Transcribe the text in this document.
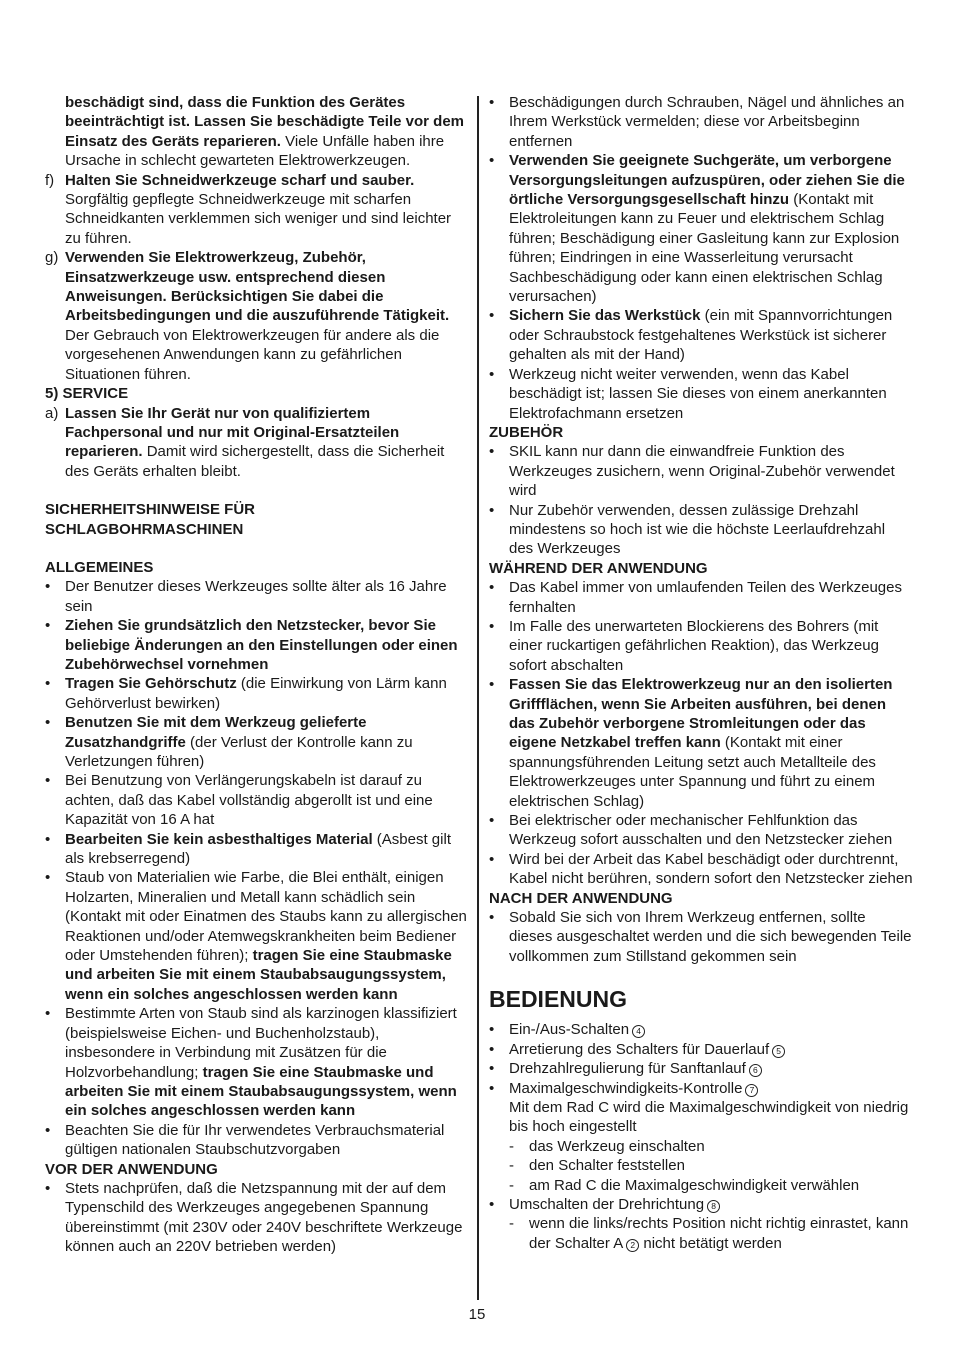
beschädigt sind, dass die Funktion des Gerätes beeinträchtigt ist. Lassen Sie beschädigte Teile vor dem Einsatz des Geräts reparieren. Viele Unfälle haben ihre Ursache in schlecht gewarteten Elektrowerkzeugen.

f) Halten Sie Schneidwerkzeuge scharf und sauber. Sorgfältig gepflegte Schneidwerkzeuge mit scharfen Schneidkanten verklemmen sich weniger und sind leichter zu führen.
g) Verwenden Sie Elektrowerkzeug, Zubehör, Einsatzwerkzeuge usw. entsprechend diesen Anweisungen. Berücksichtigen Sie dabei die Arbeitsbedingungen und die auszuführende Tätigkeit. Der Gebrauch von Elektrowerkzeugen für andere als die vorgesehenen Anwendungen kann zu gefährlichen Situationen führen.
5) SERVICE
a) Lassen Sie Ihr Gerät nur von qualifiziertem Fachpersonal und nur mit Original-Ersatzteilen reparieren. Damit wird sichergestellt, dass die Sicherheit des Geräts erhalten bleibt.
SICHERHEITSHINWEISE FÜR SCHLAGBOHRMASCHINEN
ALLGEMEINES
• Der Benutzer dieses Werkzeuges sollte älter als 16 Jahre sein
• Ziehen Sie grundsätzlich den Netzstecker, bevor Sie beliebige Änderungen an den Einstellungen oder einen Zubehörwechsel vornehmen
• Tragen Sie Gehörschutz (die Einwirkung von Lärm kann Gehörverlust bewirken)
• Benutzen Sie mit dem Werkzeug gelieferte Zusatzhandgriffe (der Verlust der Kontrolle kann zu Verletzungen führen)
• Bei Benutzung von Verlängerungskabeln ist darauf zu achten, daß das Kabel vollständig abgerollt ist und eine Kapazität von 16 A hat
• Bearbeiten Sie kein asbesthaltiges Material (Asbest gilt als krebserregend)
• Staub von Materialien wie Farbe, die Blei enthält, einigen Holzarten, Mineralien und Metall kann schädlich sein (Kontakt mit oder Einatmen des Staubs kann zu allergischen Reaktionen und/oder Atemwegskrankheiten beim Bediener oder Umstehenden führen); tragen Sie eine Staubmaske und arbeiten Sie mit einem Staubabsaugungssystem, wenn ein solches angeschlossen werden kann
• Bestimmte Arten von Staub sind als karzinogen klassifiziert (beispielsweise Eichen- und Buchenholzstaub), insbesondere in Verbindung mit Zusätzen für die Holzvorbehandlung; tragen Sie eine Staubmaske und arbeiten Sie mit einem Staubabsaugungssystem, wenn ein solches angeschlossen werden kann
• Beachten Sie die für Ihr verwendetes Verbrauchsmaterial gültigen nationalen Staubschutzvorgaben
VOR DER ANWENDUNG
• Stets nachprüfen, daß die Netzspannung mit der auf dem Typenschild des Werkzeuges angegebenen Spannung übereinstimmt (mit 230V oder 240V beschriftete Werkzeuge können auch an 220V betrieben werden)
• Beschädigungen durch Schrauben, Nägel und ähnliches an Ihrem Werkstück vermelden; diese vor Arbeitsbeginn entfernen
• Verwenden Sie geeignete Suchgeräte, um verborgene Versorgungsleitungen aufzuspüren, oder ziehen Sie die örtliche Versorgungsgesellschaft hinzu (Kontakt mit Elektroleitungen kann zu Feuer und elektrischem Schlag führen; Beschädigung einer Gasleitung kann zur Explosion führen; Eindringen in eine Wasserleitung verursacht Sachbeschädigung oder kann einen elektrischen Schlag verursachen)
• Sichern Sie das Werkstück (ein mit Spannvorrichtungen oder Schraubstock festgehaltenes Werkstück ist sicherer gehalten als mit der Hand)
• Werkzeug nicht weiter verwenden, wenn das Kabel beschädigt ist; lassen Sie dieses von einem anerkannten Elektrofachmann ersetzen
ZUBEHÖR
• SKIL kann nur dann die einwandfreie Funktion des Werkzeuges zusichern, wenn Original-Zubehör verwendet wird
• Nur Zubehör verwenden, dessen zulässige Drehzahl mindestens so hoch ist wie die höchste Leerlaufdrehzahl des Werkzeuges
WÄHREND DER ANWENDUNG
• Das Kabel immer von umlaufenden Teilen des Werkzeuges fernhalten
• Im Falle des unerwarteten Blockierens des Bohrers (mit einer ruckartigen gefährlichen Reaktion), das Werkzeug sofort abschalten
• Fassen Sie das Elektrowerkzeug nur an den isolierten Griffflächen, wenn Sie Arbeiten ausführen, bei denen das Zubehör verborgene Stromleitungen oder das eigene Netzkabel treffen kann (Kontakt mit einer spannungsführenden Leitung setzt auch Metallteile des Elektrowerkzeuges unter Spannung und führt zu einem elektrischen Schlag)
• Bei elektrischer oder mechanischer Fehlfunktion das Werkzeug sofort ausschalten und den Netzstecker ziehen
• Wird bei der Arbeit das Kabel beschädigt oder durchtrennt, Kabel nicht berühren, sondern sofort den Netzstecker ziehen
NACH DER ANWENDUNG
• Sobald Sie sich von Ihrem Werkzeug entfernen, sollte dieses ausgeschaltet werden und die sich bewegenden Teile vollkommen zum Stillstand gekommen sein
BEDIENUNG
• Ein-/Aus-Schalten 4
• Arretierung des Schalters für Dauerlauf 5
• Drehzahlregulierung für Sanftanlauf 6
• Maximalgeschwindigkeits-Kontrolle 7
Mit dem Rad C wird die Maximalgeschwindigkeit von niedrig bis hoch eingestellt
- das Werkzeug einschalten
- den Schalter feststellen
- am Rad C die Maximalgeschwindigkeit verwählen
• Umschalten der Drehrichtung 8
- wenn die links/rechts Position nicht richtig einrastet, kann der Schalter A 2 nicht betätigt werden
15
